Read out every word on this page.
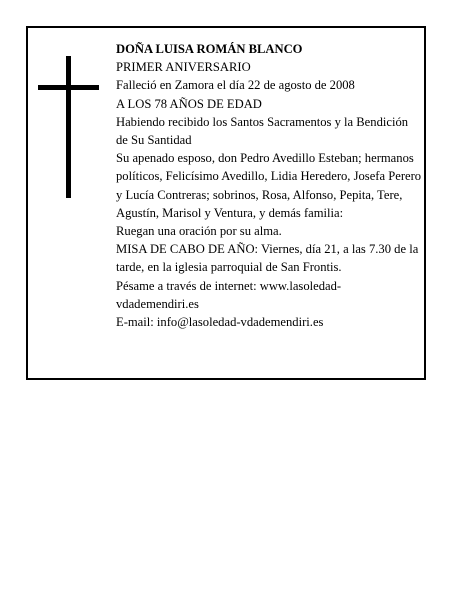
DOÑA LUISA ROMÁN BLANCO

PRIMER ANIVERSARIO

Falleció en Zamora el día 22 de agosto de 2008

A LOS 78 AÑOS DE EDAD

Habiendo recibido los Santos Sacramentos y la Bendición de Su Santidad

Su apenado esposo, don Pedro Avedillo Esteban; hermanos políticos, Felicísimo Avedillo, Lidia Heredero, Josefa Perero y Lucía Contreras; sobrinos, Rosa, Alfonso, Pepita, Tere, Agustín, Marisol y Ventura, y demás familia:

Ruegan una oración por su alma.

MISA DE CABO DE AÑO: Viernes, día 21, a las 7.30 de la tarde, en la iglesia parroquial de San Frontis.

Pésame a través de internet: www.lasoledad-vdademendiri.es

E-mail: info@lasoledad-vdademendiri.es
